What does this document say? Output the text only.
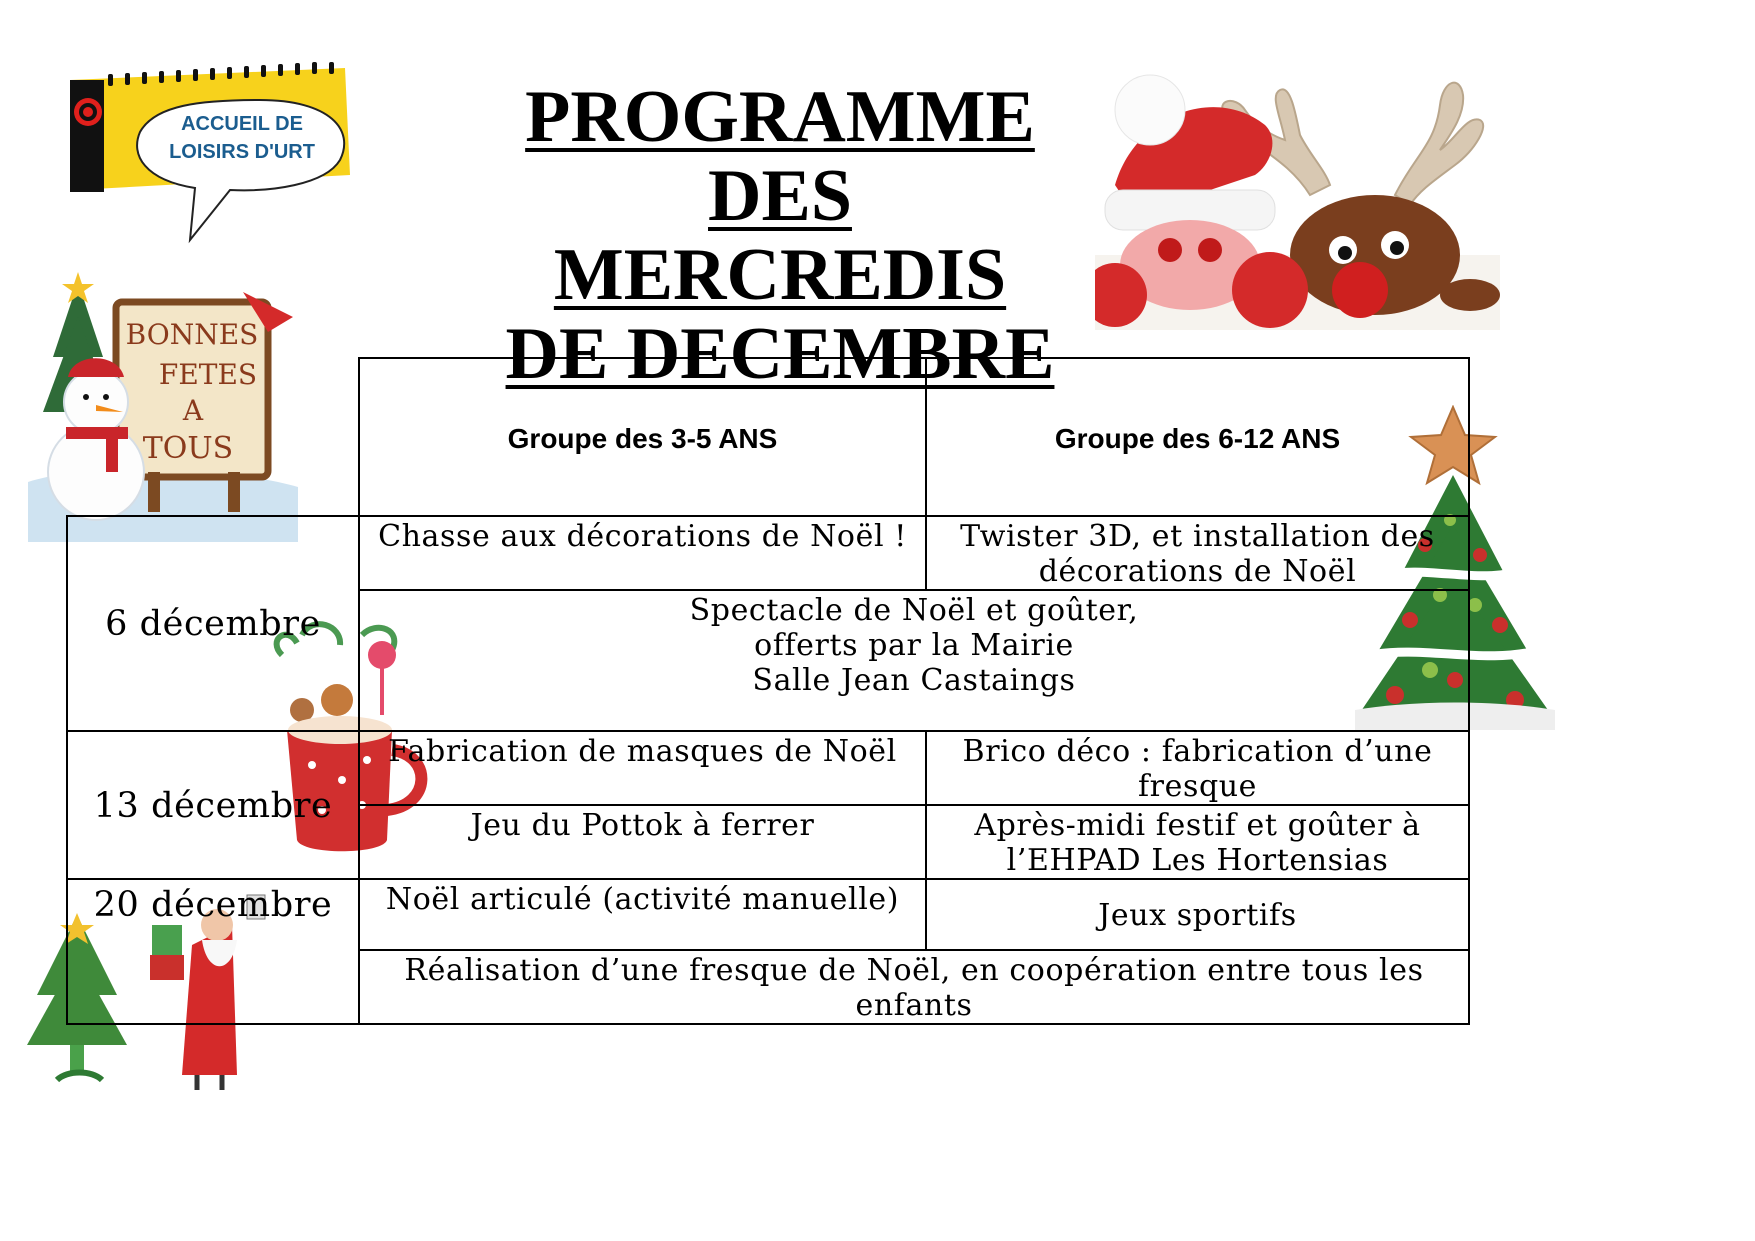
ACCUEIL DE
LOISIRS D'URT	PROGRAMME DES
MERCREDIS
DE DECEMBRE
BONNES
FETES
A
TOUS
		Groupe des 3-5 ANS	Groupe des 6-12 ANS
6 décembre	Chasse aux décorations de Noël !	Twister 3D, et installation des décorations de Noël

	Spectacle de Noël et goûter,
offerts par la Mairie
Salle Jean Castaings	

13 décembre	Fabrication de masques de Noël	Brico déco : fabrication d’une fresque
	Jeu du Pottok à ferrer	Après-midi festif et goûter à l’EHPAD Les Hortensias
20 décembre	Noël articulé (activité manuelle)	Jeux sportifs
	Réalisation d’une fresque de Noël, en coopération entre tous les enfants	
